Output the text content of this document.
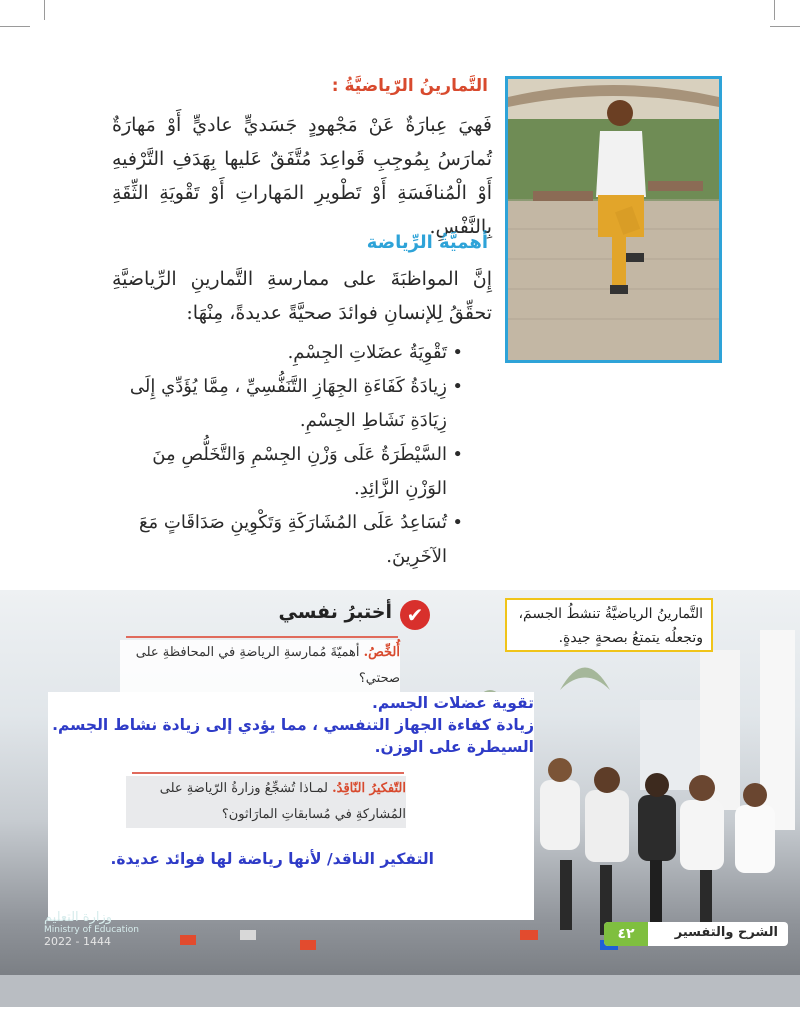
التَّمارينُ الرّياضيَّةُ :
فَهيَ عِبارَةٌ عَنْ مَجْهودٍ جَسَديٍّ عاديٍّ أَوْ مَهارَةٌ تُمارَسُ بِمُوجِبِ قَواعِدَ مُتَّفَقٌ عَليها بِهَدَفِ التَّرْفيهِ أَوْ الْمُنافَسَةِ أَوْ تَطْويرِ المَهاراتِ أَوْ تَقْويَةِ الثِّقَةِ بِالنَّفْسِ.
أهميَّةُ الرِّياضة
إِنَّ المواظبَةَ على ممارسةِ التَّمارينِ الرِّياضيَّةِ تحقِّقُ لِلإنسانِ فوائدَ صحيَّةً عديدةً، مِنْهَا:
• تَقْوِيَةُ عضَلاتِ الجِسْمِ.
• زِيادَةُ كَفَاءَةِ الجِهَازِ التَّنَفُّسِيِّ ، مِمَّا يُؤَدِّي إِلَى زِيَادَةِ نَشَاطِ الجِسْمِ.
• السَّيْطَرَةُ عَلَى وَزْنِ الجِسْمِ وَالتَّخَلُّصِ مِنَ الوَزْنِ الزَّائِدِ.
• تُسَاعِدُ عَلَى المُشَارَكَةِ وَتَكْوِينِ صَدَاقَاتٍ مَعَ الآخَرِينَ.
التَّمارينُ الرياضيَّةُ تنشطُ الجسمَ، وتجعلُه يتمتعُ بصحةٍ جيدةٍ.
✔
أختبرُ نفسي
أُلخِّصُ. أهميّةَ مُمارسةِ الرياضةِ في المحافظةِ على صحتي؟
تقوية عضلات الجسم.
زيادة كفاءة الجهاز التنفسي ، مما يؤدي إلى زيادة نشاط الجسم.
السيطرة على الوزن.
التّفكيرُ النّاقِدُ. لمـاذا تُشجِّعُ وزارةُ الرّياضةِ على المُشاركةِ في مُسابقاتِ المارَاثون؟
التفكير الناقد/ لأنها رياضة لها فوائد عديدة.
وزارة التعليم
Ministry of Education
2022 - 1444	٤٢	الشرح والتفسير
